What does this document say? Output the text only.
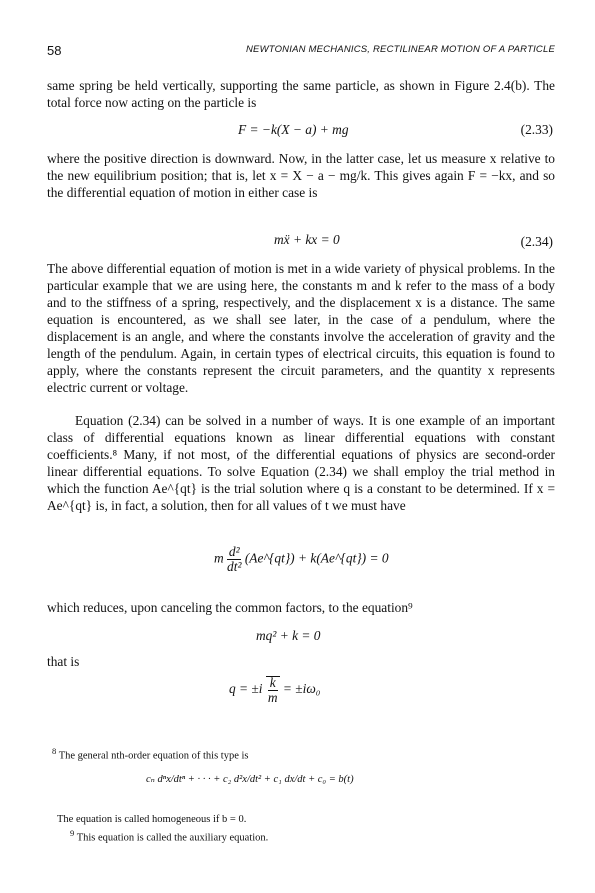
58	NEWTONIAN MECHANICS, RECTILINEAR MOTION OF A PARTICLE

same spring be held vertically, supporting the same particle, as shown in Figure 2.4(b). The total force now acting on the particle is

F = −k(X − a) + mg	(2.33)

where the positive direction is downward. Now, in the latter case, let us measure x relative to the new equilibrium position; that is, let x = X − a − mg/k. This gives again F = −kx, and so the differential equation of motion in either case is

mẍ + kx = 0	(2.34)

The above differential equation of motion is met in a wide variety of physical problems. In the particular example that we are using here, the constants m and k refer to the mass of a body and to the stiffness of a spring, respectively, and the displacement x is a distance. The same equation is encountered, as we shall see later, in the case of a pendulum, where the displacement is an angle, and where the constants involve the acceleration of gravity and the length of the pendulum. Again, in certain types of electrical circuits, this equation is found to apply, where the constants represent the circuit parameters, and the quantity x represents electric current or voltage.

Equation (2.34) can be solved in a number of ways. It is one example of an important class of differential equations known as linear differential equations with constant coefficients.⁸ Many, if not most, of the differential equations of physics are second-order linear differential equations. To solve Equation (2.34) we shall employ the trial method in which the function Ae^{qt} is the trial solution where q is a constant to be determined. If x = Ae^{qt} is, in fact, a solution, then for all values of t we must have

m $\frac{\text{d²}}{\text{dt²}}$ (Ae^{qt}) + k(Ae^{qt}) = 0

which reduces, upon canceling the common factors, to the equation⁹

mq² + k = 0

that is

$q = \pm i \frac{k}{m} = \pm i\omega_0$
$^8$ The general nth-order equation of this type is
cₙ dⁿx/dtⁿ + · · · + c₂ d²x/dt² + c₁ dx/dt + c₀ = b(t)
The equation is called homogeneous if b = 0.
$^9$ This equation is called the auxiliary equation.
